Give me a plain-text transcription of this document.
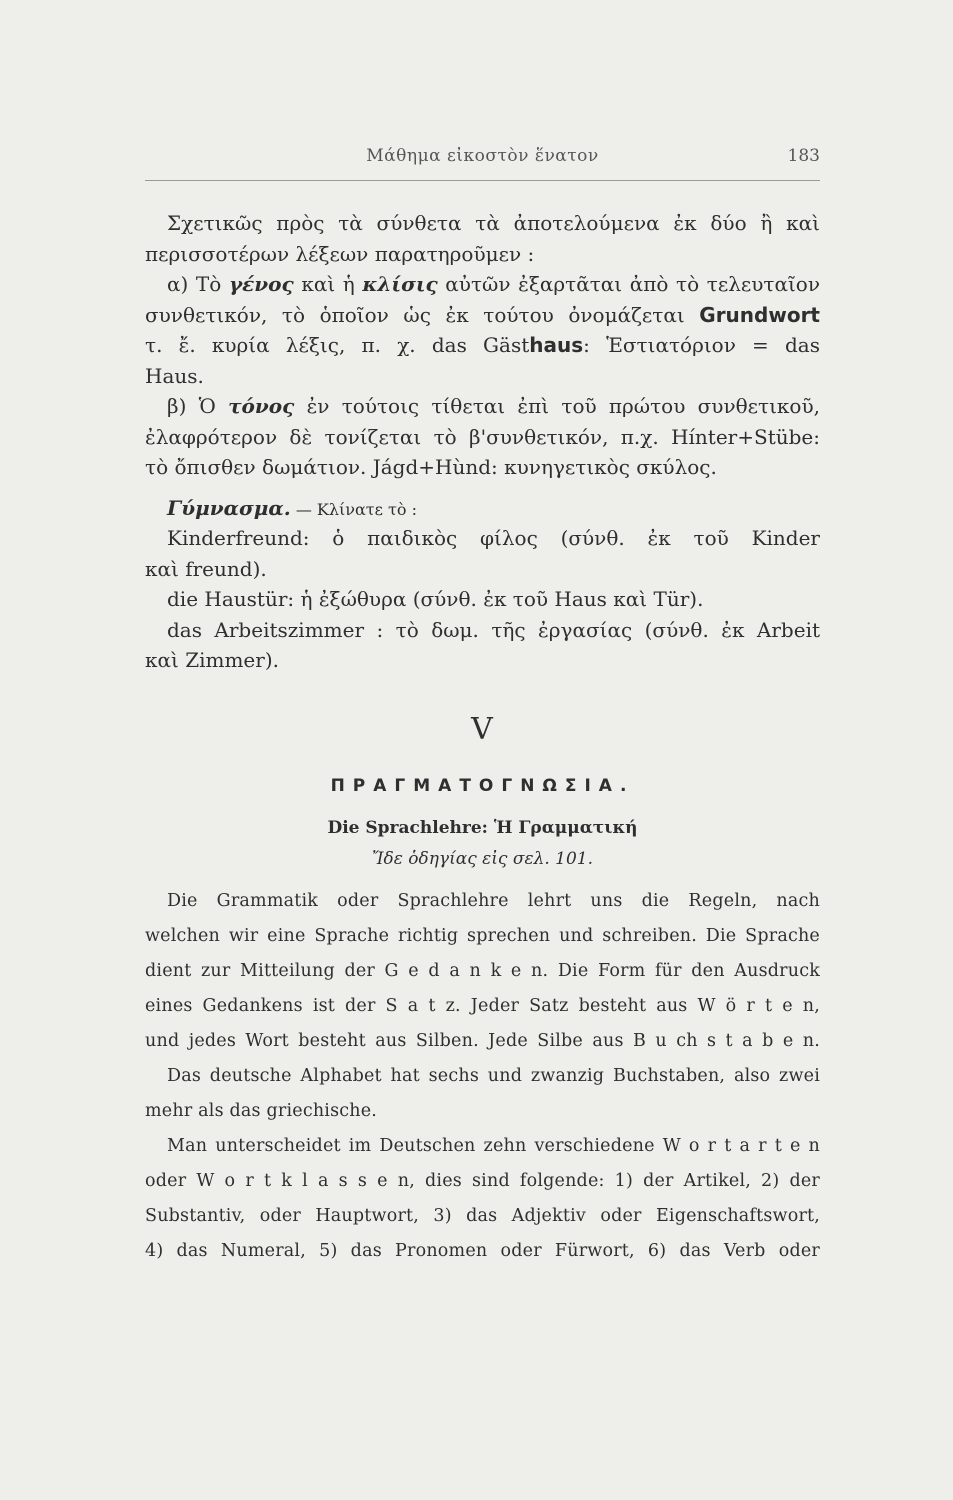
Μάθημα εἰκοστὸν ἕνατον	183
Σχετικῶς πρὸς τὰ σύνθετα τὰ ἀποτελούμενα ἐκ δύο ἢ καὶ
περισσοτέρων λέξεων παρατηροῦμεν :
α) Τὸ γένος καὶ ἡ κλίσις αὐτῶν ἐξαρτᾶται ἀπὸ τὸ τελευταῖον
συνθετικόν, τὸ ὁποῖον ὡς ἐκ τούτου ὀνομάζεται Grundwort
τ. ἔ. κυρία λέξις, π. χ. das Gästhaus: Ἑστιατόριον = das
Haus.
β) Ὁ τόνος ἐν τούτοις τίθεται ἐπὶ τοῦ πρώτου συνθετικοῦ,
ἐλαφρότερον δὲ τονίζεται τὸ β'συνθετικόν, π.χ. Hínter+Stübe:
τὸ ὄπισθεν δωμάτιον. Jágd+Hùnd: κυνηγετικὸς σκύλος.
Γύμνασμα. — Κλίνατε τὸ :
Kinderfreund: ὁ παιδικὸς φίλος (σύνθ. ἐκ τοῦ Kinder
καὶ freund).
die Haustür: ἡ ἐξώθυρα (σύνθ. ἐκ τοῦ Haus καὶ Tür).
das Arbeitszimmer : τὸ δωμ. τῆς ἐργασίας (σύνθ. ἐκ Arbeit
καὶ Zimmer).
V
ΠΡΑΓΜΑΤΟΓΝΩΣΙΑ.
Die Sprachlehre: Ἡ Γραμματική
Ἴδε ὁδηγίας εἰς σελ. 101.
Die Grammatik oder Sprachlehre lehrt uns die Regeln, nach
welchen wir eine Sprache richtig sprechen und schreiben. Die Sprache
dient zur Mitteilung der G e d a n k e n. Die Form für den Ausdruck
eines Gedankens ist der S a t z. Jeder Satz besteht aus W ö r t e n,
und jedes Wort besteht aus Silben. Jede Silbe aus B u ch s t a b e n.
Das deutsche Alphabet hat sechs und zwanzig Buchstaben, also zwei
mehr als das griechische.
Man unterscheidet im Deutschen zehn verschiedene W o r t a r t e n
oder W o r t k l a s s e n, dies sind folgende: 1) der Artikel, 2) der
Substantiv, oder Hauptwort, 3) das Adjektiv oder Eigenschaftswort,
4) das Numeral, 5) das Pronomen oder Fürwort, 6) das Verb oder
